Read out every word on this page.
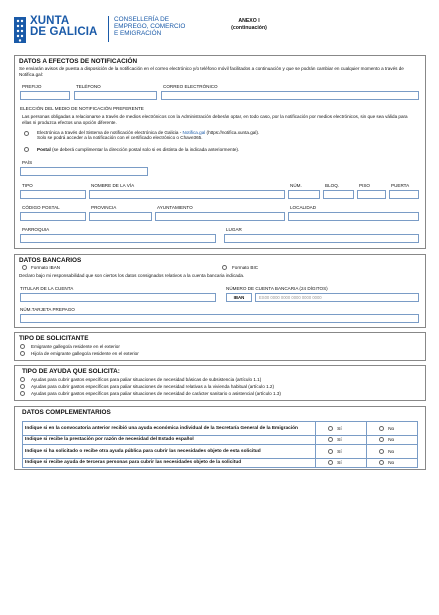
XUNTA
DE GALICIA
CONSELLERÍA DE
EMPREGO, COMERCIO
E EMIGRACIÓN
ANEXO I
(continuación)
DATOS A EFECTOS DE NOTIFICACIÓN
Se enviarán avisos de puesta a disposición de la notificación en el correo electrónico y/o teléfono móvil facilitados a continuación y que se podrán cambiar en cualquier momento a través de Notifica.gal:
PREFIJO	TELÉFONO	CORREO ELECTRÓNICO
ELECCIÓN DEL MEDIO DE NOTIFICACIÓN PREFERENTE
Las personas obligadas a relacionarse a través de medios electrónicos con la Administración deberán optar, en todo caso, por la notificación por medios electrónicos, sin que sea válida para ellas ni produzca efectos una opción diferente.
Electrónica a través del Sistema de notificación electrónica de Galicia - Notifica.gal (https://notifica.xunta.gal).
Solo se podrá acceder a la notificación con el certificado electrónico o Chave365.
Postal (se deberá cumplimentar la dirección postal solo si es distinta de la indicada anteriormente).
PAÍS
TIPO	NOMBRE DE LA VÍA	NÚM.	BLOQ.	PISO	PUERTA
CÓDIGO POSTAL	PROVINCIA	AYUNTAMIENTO	LOCALIDAD
PARROQUIA	LUGAR
DATOS BANCARIOS
Formato IBAN	Formato BIC
Declaro bajo mi responsabilidad que son ciertos los datos consignados relativos a la cuenta bancaria indicada.
TITULAR DE LA CUENTA	NÚMERO DE CUENTA BANCARIA (24 DÍGITOS)
IBAN	ES00 0000 0000 0000 0000 0000
NÚM.TARJETA PREPAGO
TIPO DE SOLICITANTE
Emigrante gallego/a residente en el exterior
Hijo/a de emigrante gallego/a residente en el exterior
TIPO DE AYUDA QUE SOLICITA:
Ayudas para cubrir gastos específicos para paliar situaciones de necesidad básicas de subsistencia (artículo 1.1)
Ayudas para cubrir gastos específicos para paliar situaciones de necesidad relativas a la vivienda habitual (artículo 1.2)
Ayudas para cubrir gastos específicos para paliar situaciones de necesidad de carácter sanitario o asistencial (artículo 1.3)
DATOS COMPLEMENTARIOS
Indique si en la convocatoria anterior recibió una ayuda económica individual de la Secretaría General de la Emigración	Sí	No
Indique si recibe la prestación por razón de necesidad del Estado español	Sí	No
Indique si ha solicitado o recibe otra ayuda pública para cubrir las necesidades objeto de esta solicitud	Sí	No
Indique si recibe ayuda de terceras personas para cubrir las necesidades objeto de la solicitud	Sí	No
